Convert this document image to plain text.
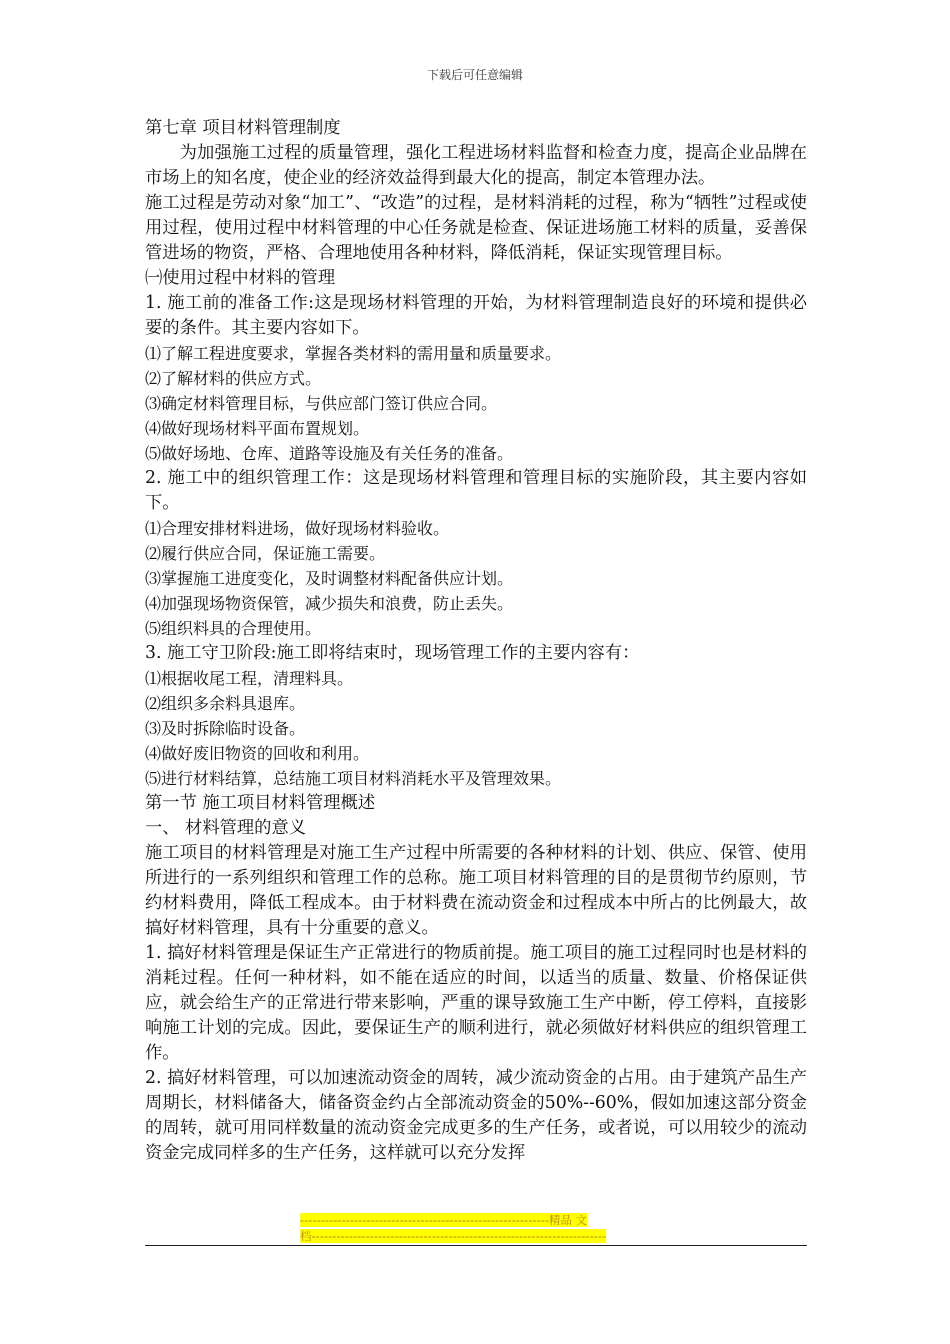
下载后可任意编辑

第七章 项目材料管理制度

为加强施工过程的质量管理，强化工程进场材料监督和检查力度，提高企业品牌在市场上的知名度，使企业的经济效益得到最大化的提高，制定本管理办法。

施工过程是劳动对象“加工”、“改造”的过程，是材料消耗的过程，称为“牺牲”过程或使用过程，使用过程中材料管理的中心任务就是检查、保证进场施工材料的质量，妥善保管进场的物资，严格、合理地使用各种材料，降低消耗，保证实现管理目标。

㈠使用过程中材料的管理

1. 施工前的准备工作:这是现场材料管理的开始，为材料管理制造良好的环境和提供必要的条件。其主要内容如下。

⑴了解工程进度要求，掌握各类材料的需用量和质量要求。

⑵了解材料的供应方式。

⑶确定材料管理目标，与供应部门签订供应合同。

⑷做好现场材料平面布置规划。

⑸做好场地、仓库、道路等设施及有关任务的准备。

2. 施工中的组织管理工作：这是现场材料管理和管理目标的实施阶段，其主要内容如下。

⑴合理安排材料进场，做好现场材料验收。

⑵履行供应合同，保证施工需要。

⑶掌握施工进度变化，及时调整材料配备供应计划。

⑷加强现场物资保管，减少损失和浪费，防止丢失。

⑸组织料具的合理使用。

3. 施工守卫阶段:施工即将结束时，现场管理工作的主要内容有：

⑴根据收尾工程，清理料具。

⑵组织多余料具退库。

⑶及时拆除临时设备。

⑷做好废旧物资的回收和利用。

⑸进行材料结算，总结施工项目材料消耗水平及管理效果。

第一节 施工项目材料管理概述

一、 材料管理的意义

施工项目的材料管理是对施工生产过程中所需要的各种材料的计划、供应、保管、使用所进行的一系列组织和管理工作的总称。施工项目材料管理的目的是贯彻节约原则，节约材料费用，降低工程成本。由于材料费在流动资金和过程成本中所占的比例最大，故搞好材料管理，具有十分重要的意义。

1. 搞好材料管理是保证生产正常进行的物质前提。施工项目的施工过程同时也是材料的消耗过程。任何一种材料，如不能在适应的时间，以适当的质量、数量、价格保证供应，就会给生产的正常进行带来影响，严重的课导致施工生产中断，停工停料，直接影响施工计划的完成。因此，要保证生产的顺利进行，就必须做好材料供应的组织管理工作。

2. 搞好材料管理，可以加速流动资金的周转，减少流动资金的占用。由于建筑产品生产周期长，材料储备大，储备资金约占全部流动资金的50%--60%，假如加速这部分资金的周转，就可用同样数量的流动资金完成更多的生产任务，或者说，可以用较少的流动资金完成同样多的生产任务，这样就可以充分发挥

------------------------------------------------------------精品 文
档-----------------------------------------------------------------------
